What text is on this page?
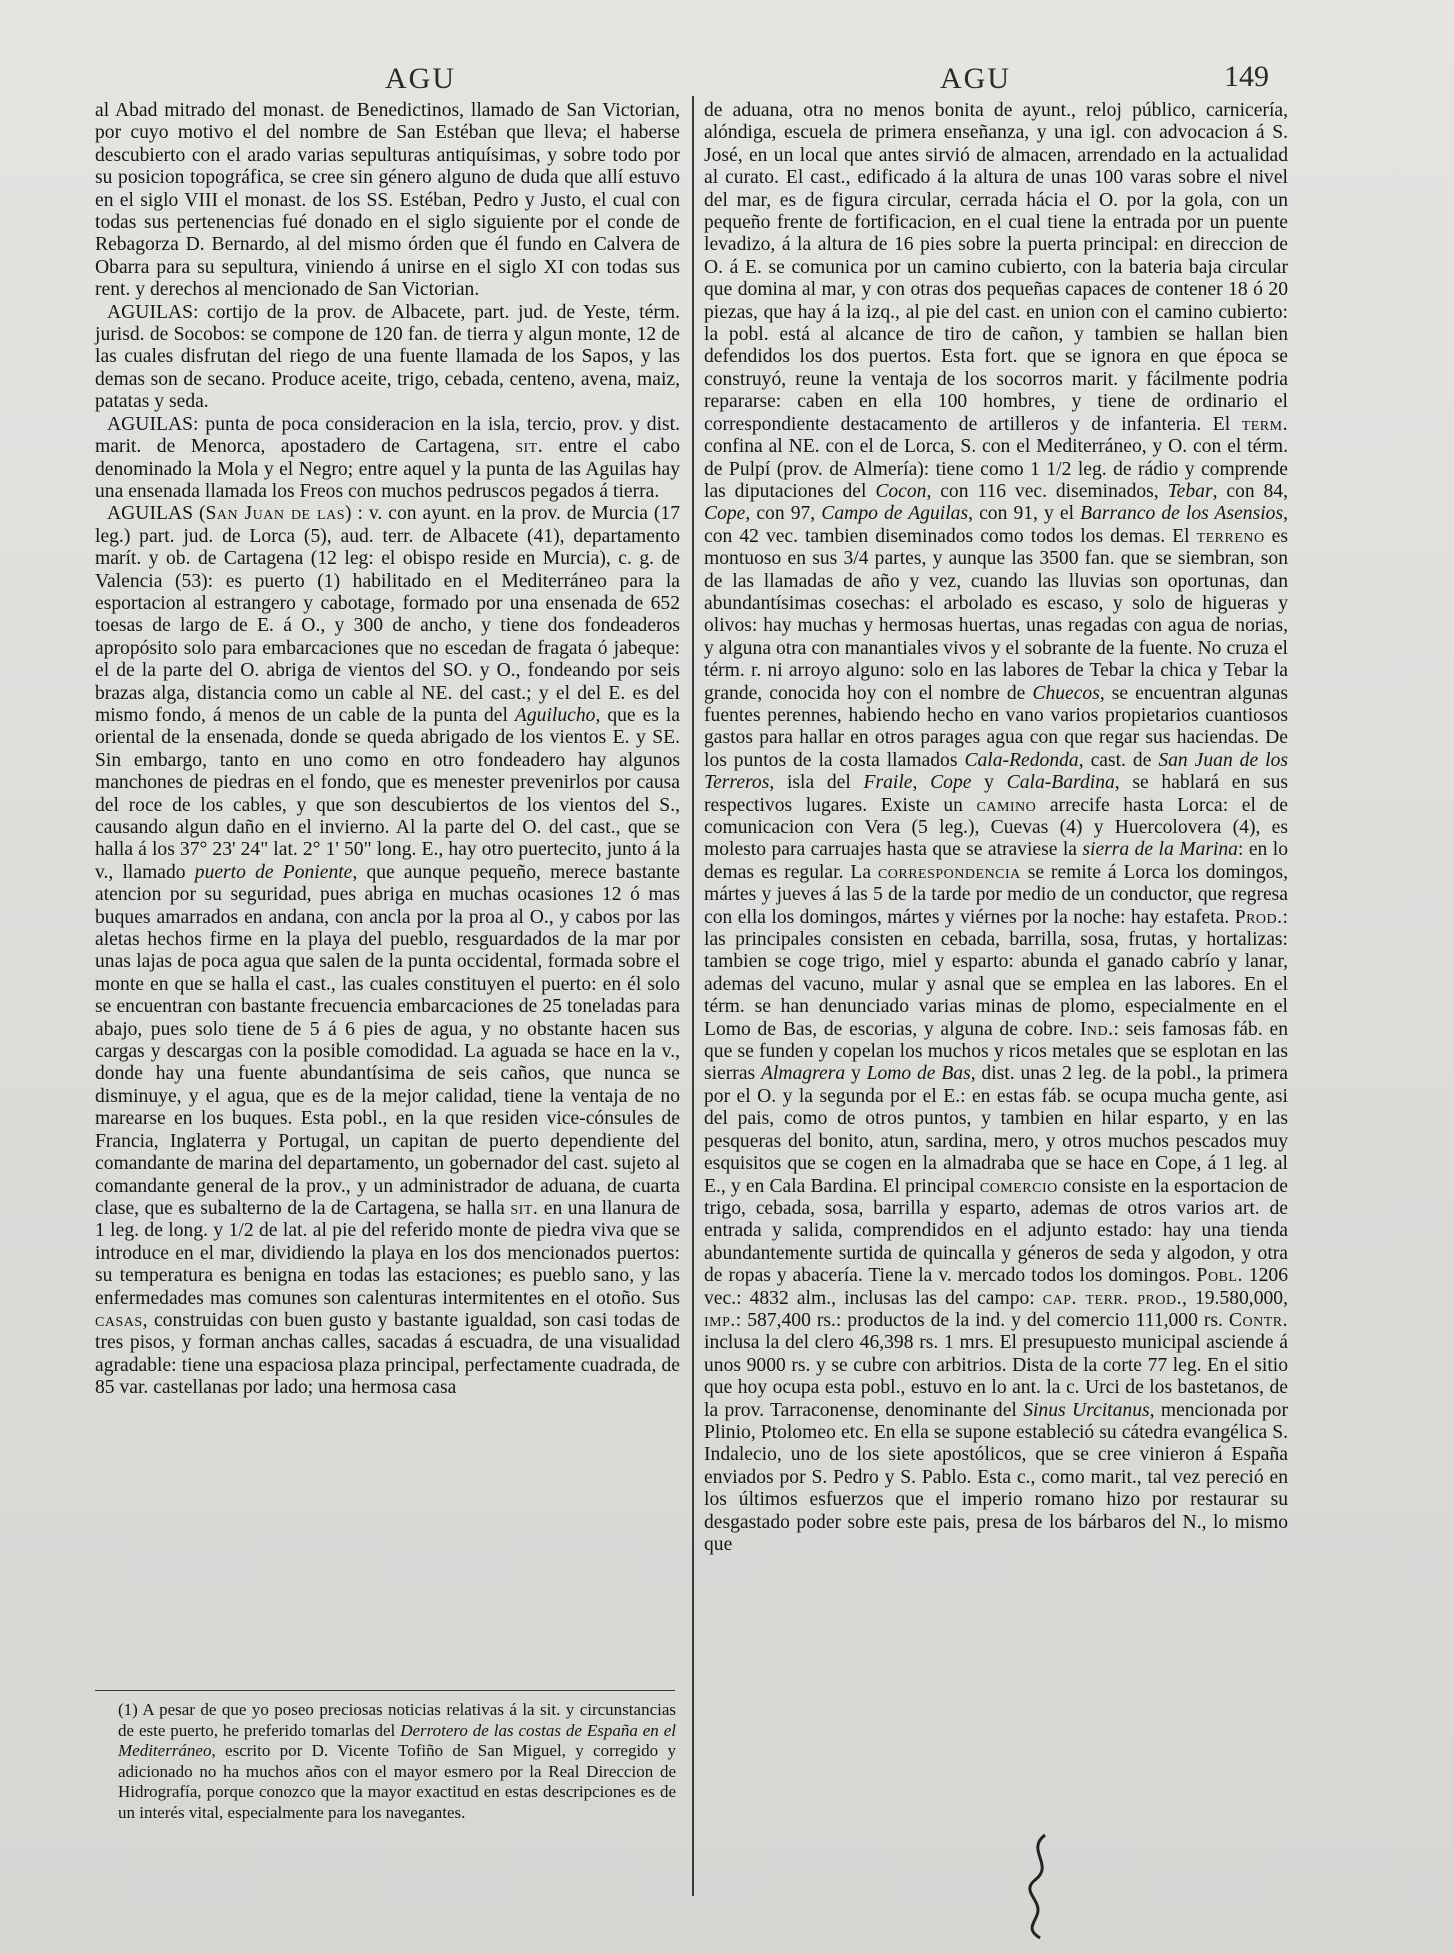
AGU	AGU	149

al Abad mitrado del monast. de Benedictinos, llamado de San Victorian, por cuyo motivo el del nombre de San Estéban que lleva; el haberse descubierto con el arado varias sepulturas antiquísimas, y sobre todo por su posicion topográfica, se cree sin género alguno de duda que allí estuvo en el siglo VIII el monast. de los SS. Estéban, Pedro y Justo, el cual con todas sus pertenencias fué donado en el siglo siguiente por el conde de Rebagorza D. Bernardo, al del mismo órden que él fundo en Calvera de Obarra para su sepultura, viniendo á unirse en el siglo XI con todas sus rent. y derechos al mencionado de San Victorian.

AGUILAS: cortijo de la prov. de Albacete, part. jud. de Yeste, térm. jurisd. de Socobos: se compone de 120 fan. de tierra y algun monte, 12 de las cuales disfrutan del riego de una fuente llamada de los Sapos, y las demas son de secano. Produce aceite, trigo, cebada, centeno, avena, maiz, patatas y seda.

AGUILAS: punta de poca consideracion en la isla, tercio, prov. y dist. marit. de Menorca, apostadero de Cartagena, sit. entre el cabo denominado la Mola y el Negro; entre aquel y la punta de las Aguilas hay una ensenada llamada los Freos con muchos pedruscos pegados á tierra.

AGUILAS (San Juan de las) : v. con ayunt. en la prov. de Murcia (17 leg.) part. jud. de Lorca (5), aud. terr. de Albacete (41), departamento marít. y ob. de Cartagena (12 leg: el obispo reside en Murcia), c. g. de Valencia (53): es puerto (1) habilitado en el Mediterráneo para la esportacion al estrangero y cabotage, formado por una ensenada de 652 toesas de largo de E. á O., y 300 de ancho, y tiene dos fondeaderos apropósito solo para embarcaciones que no escedan de fragata ó jabeque: el de la parte del O. abriga de vientos del SO. y O., fondeando por seis brazas alga, distancia como un cable al NE. del cast.; y el del E. es del mismo fondo, á menos de un cable de la punta del Aguilucho, que es la oriental de la ensenada, donde se queda abrigado de los vientos E. y SE. Sin embargo, tanto en uno como en otro fondeadero hay algunos manchones de piedras en el fondo, que es menester prevenirlos por causa del roce de los cables, y que son descubiertos de los vientos del S., causando algun daño en el invierno. Al la parte del O. del cast., que se halla á los 37° 23' 24" lat. 2° 1' 50" long. E., hay otro puertecito, junto á la v., llamado puerto de Poniente, que aunque pequeño, merece bastante atencion por su seguridad, pues abriga en muchas ocasiones 12 ó mas buques amarrados en andana, con ancla por la proa al O., y cabos por las aletas hechos firme en la playa del pueblo, resguardados de la mar por unas lajas de poca agua que salen de la punta occidental, formada sobre el monte en que se halla el cast., las cuales constituyen el puerto: en él solo se encuentran con bastante frecuencia embarcaciones de 25 toneladas para abajo, pues solo tiene de 5 á 6 pies de agua, y no obstante hacen sus cargas y descargas con la posible comodidad. La aguada se hace en la v., donde hay una fuente abundantísima de seis caños, que nunca se disminuye, y el agua, que es de la mejor calidad, tiene la ventaja de no marearse en los buques. Esta pobl., en la que residen vice-cónsules de Francia, Inglaterra y Portugal, un capitan de puerto dependiente del comandante de marina del departamento, un gobernador del cast. sujeto al comandante general de la prov., y un administrador de aduana, de cuarta clase, que es subalterno de la de Cartagena, se halla sit. en una llanura de 1 leg. de long. y 1/2 de lat. al pie del referido monte de piedra viva que se introduce en el mar, dividiendo la playa en los dos mencionados puertos: su temperatura es benigna en todas las estaciones; es pueblo sano, y las enfermedades mas comunes son calenturas intermitentes en el otoño. Sus casas, construidas con buen gusto y bastante igualdad, son casi todas de tres pisos, y forman anchas calles, sacadas á escuadra, de una visualidad agradable: tiene una espaciosa plaza principal, perfectamente cuadrada, de 85 var. castellanas por lado; una hermosa casa

(1) A pesar de que yo poseo preciosas noticias relativas á la sit. y circunstancias de este puerto, he preferido tomarlas del Derrotero de las costas de España en el Mediterráneo, escrito por D. Vicente Tofiño de San Miguel, y corregido y adicionado no ha muchos años con el mayor esmero por la Real Direccion de Hidrografía, porque conozco que la mayor exactitud en estas descripciones es de un interés vital, especialmente para los navegantes.

de aduana, otra no menos bonita de ayunt., reloj público, carnicería, alóndiga, escuela de primera enseñanza, y una igl. con advocacion á S. José, en un local que antes sirvió de almacen, arrendado en la actualidad al curato. El cast., edificado á la altura de unas 100 varas sobre el nivel del mar, es de figura circular, cerrada hácia el O. por la gola, con un pequeño frente de fortificacion, en el cual tiene la entrada por un puente levadizo, á la altura de 16 pies sobre la puerta principal: en direccion de O. á E. se comunica por un camino cubierto, con la bateria baja circular que domina al mar, y con otras dos pequeñas capaces de contener 18 ó 20 piezas, que hay á la izq., al pie del cast. en union con el camino cubierto: la pobl. está al alcance de tiro de cañon, y tambien se hallan bien defendidos los dos puertos. Esta fort. que se ignora en que época se construyó, reune la ventaja de los socorros marit. y fácilmente podria repararse: caben en ella 100 hombres, y tiene de ordinario el correspondiente destacamento de artilleros y de infanteria. El term. confina al NE. con el de Lorca, S. con el Mediterráneo, y O. con el térm. de Pulpí (prov. de Almería): tiene como 1 1/2 leg. de rádio y comprende las diputaciones del Cocon, con 116 vec. diseminados, Tebar, con 84, Cope, con 97, Campo de Aguilas, con 91, y el Barranco de los Asensios, con 42 vec. tambien diseminados como todos los demas. El terreno es montuoso en sus 3/4 partes, y aunque las 3500 fan. que se siembran, son de las llamadas de año y vez, cuando las lluvias son oportunas, dan abundantísimas cosechas: el arbolado es escaso, y solo de higueras y olivos: hay muchas y hermosas huertas, unas regadas con agua de norias, y alguna otra con manantiales vivos y el sobrante de la fuente. No cruza el térm. r. ni arroyo alguno: solo en las labores de Tebar la chica y Tebar la grande, conocida hoy con el nombre de Chuecos, se encuentran algunas fuentes perennes, habiendo hecho en vano varios propietarios cuantiosos gastos para hallar en otros parages agua con que regar sus haciendas. De los puntos de la costa llamados Cala-Redonda, cast. de San Juan de los Terreros, isla del Fraile, Cope y Cala-Bardina, se hablará en sus respectivos lugares. Existe un camino arrecife hasta Lorca: el de comunicacion con Vera (5 leg.), Cuevas (4) y Huercolovera (4), es molesto para carruajes hasta que se atraviese la sierra de la Marina: en lo demas es regular. La correspondencia se remite á Lorca los domingos, mártes y jueves á las 5 de la tarde por medio de un conductor, que regresa con ella los domingos, mártes y viérnes por la noche: hay estafeta. Prod.: las principales consisten en cebada, barrilla, sosa, frutas, y hortalizas: tambien se coge trigo, miel y esparto: abunda el ganado cabrío y lanar, ademas del vacuno, mular y asnal que se emplea en las labores. En el térm. se han denunciado varias minas de plomo, especialmente en el Lomo de Bas, de escorias, y alguna de cobre. Ind.: seis famosas fáb. en que se funden y copelan los muchos y ricos metales que se esplotan en las sierras Almagrera y Lomo de Bas, dist. unas 2 leg. de la pobl., la primera por el O. y la segunda por el E.: en estas fáb. se ocupa mucha gente, asi del pais, como de otros puntos, y tambien en hilar esparto, y en las pesqueras del bonito, atun, sardina, mero, y otros muchos pescados muy esquisitos que se cogen en la almadraba que se hace en Cope, á 1 leg. al E., y en Cala Bardina. El principal comercio consiste en la esportacion de trigo, cebada, sosa, barrilla y esparto, ademas de otros varios art. de entrada y salida, comprendidos en el adjunto estado: hay una tienda abundantemente surtida de quincalla y géneros de seda y algodon, y otra de ropas y abacería. Tiene la v. mercado todos los domingos. Pobl. 1206 vec.: 4832 alm., inclusas las del campo: cap. terr. prod., 19.580,000, imp.: 587,400 rs.: productos de la ind. y del comercio 111,000 rs. Contr. inclusa la del clero 46,398 rs. 1 mrs. El presupuesto municipal asciende á unos 9000 rs. y se cubre con arbitrios. Dista de la corte 77 leg. En el sitio que hoy ocupa esta pobl., estuvo en lo ant. la c. Urci de los bastetanos, de la prov. Tarraconense, denominante del Sinus Urcitanus, mencionada por Plinio, Ptolomeo etc. En ella se supone estableció su cátedra evangélica S. Indalecio, uno de los siete apostólicos, que se cree vinieron á España enviados por S. Pedro y S. Pablo. Esta c., como marit., tal vez pereció en los últimos esfuerzos que el imperio romano hizo por restaurar su desgastado poder sobre este pais, presa de los bárbaros del N., lo mismo que
